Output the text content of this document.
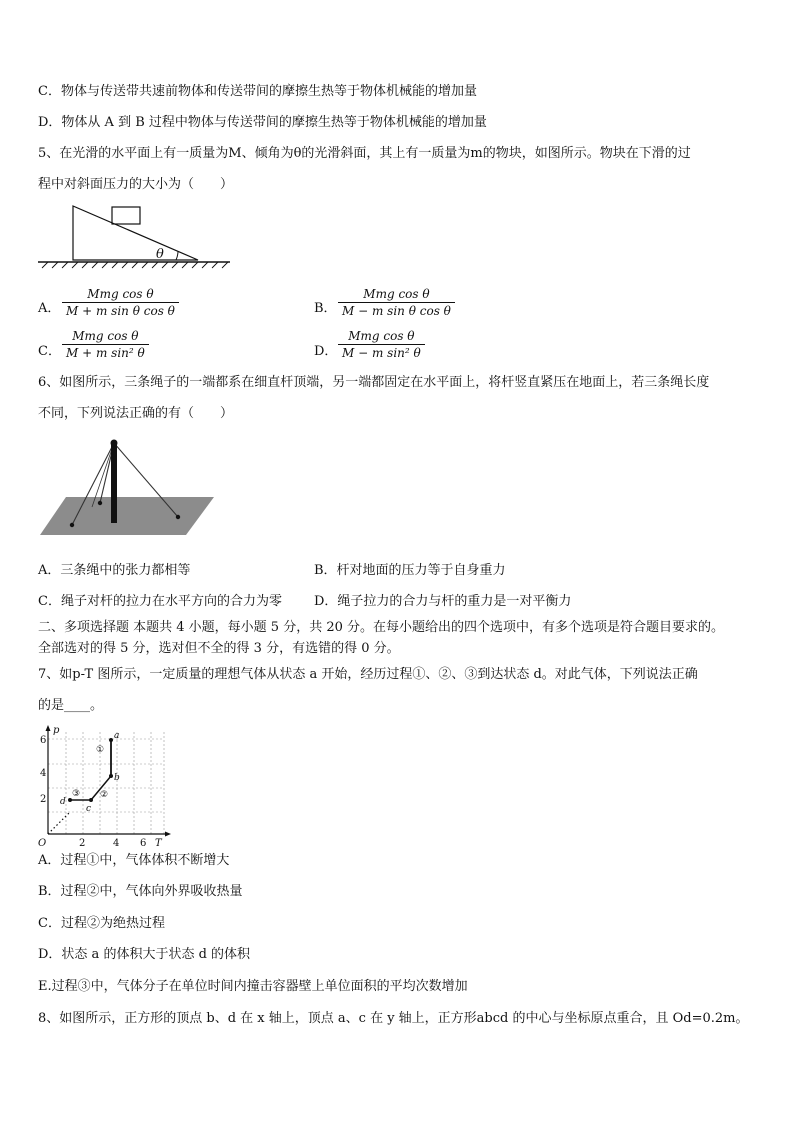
C．物体与传送带共速前物体和传送带间的摩擦生热等于物体机械能的增加量
D．物体从 A 到 B 过程中物体与传送带间的摩擦生热等于物体机械能的增加量
5、在光滑的水平面上有一质量为M、倾角为θ的光滑斜面，其上有一质量为m的物块，如图所示。物块在下滑的过
程中对斜面压力的大小为（　　）
θ
A．
Mmg cos θ
M + m sin θ cos θ	B．
Mmg cos θ
M − m sin θ cos θ
C．
Mmg cos θ
M + m sin² θ	D．
Mmg cos θ
M − m sin² θ
6、如图所示，三条绳子的一端都系在细直杆顶端，另一端都固定在水平面上，将杆竖直紧压在地面上，若三条绳长度
不同，下列说法正确的有（　　）
A．三条绳中的张力都相等	B．杆对地面的压力等于自身重力
C．绳子对杆的拉力在水平方向的合力为零 D．绳子拉力的合力与杆的重力是一对平衡力
二、多项选择题 本题共 4 小题，每小题 5 分，共 20 分。在每小题给出的四个选项中，有多个选项是符合题目要求的。
全部选对的得 5 分，选对但不全的得 3 分，有选错的得 0 分。
7、如p-T 图所示，一定质量的理想气体从状态 a 开始，经历过程①、②、③到达状态 d。对此气体，下列说法正确
的是____。
p
T
O
6
4
2
2	4 6
a
b
c
d
①
②
③
A．过程①中，气体体积不断增大
B．过程②中，气体向外界吸收热量
C．过程②为绝热过程
D．状态 a 的体积大于状态 d 的体积
E.过程③中，气体分子在单位时间内撞击容器壁上单位面积的平均次数增加
8、如图所示，正方形的顶点 b、d 在 x 轴上，顶点 a、c 在 y 轴上，正方形abcd 的中心与坐标原点重合，且 Od=0.2m。
